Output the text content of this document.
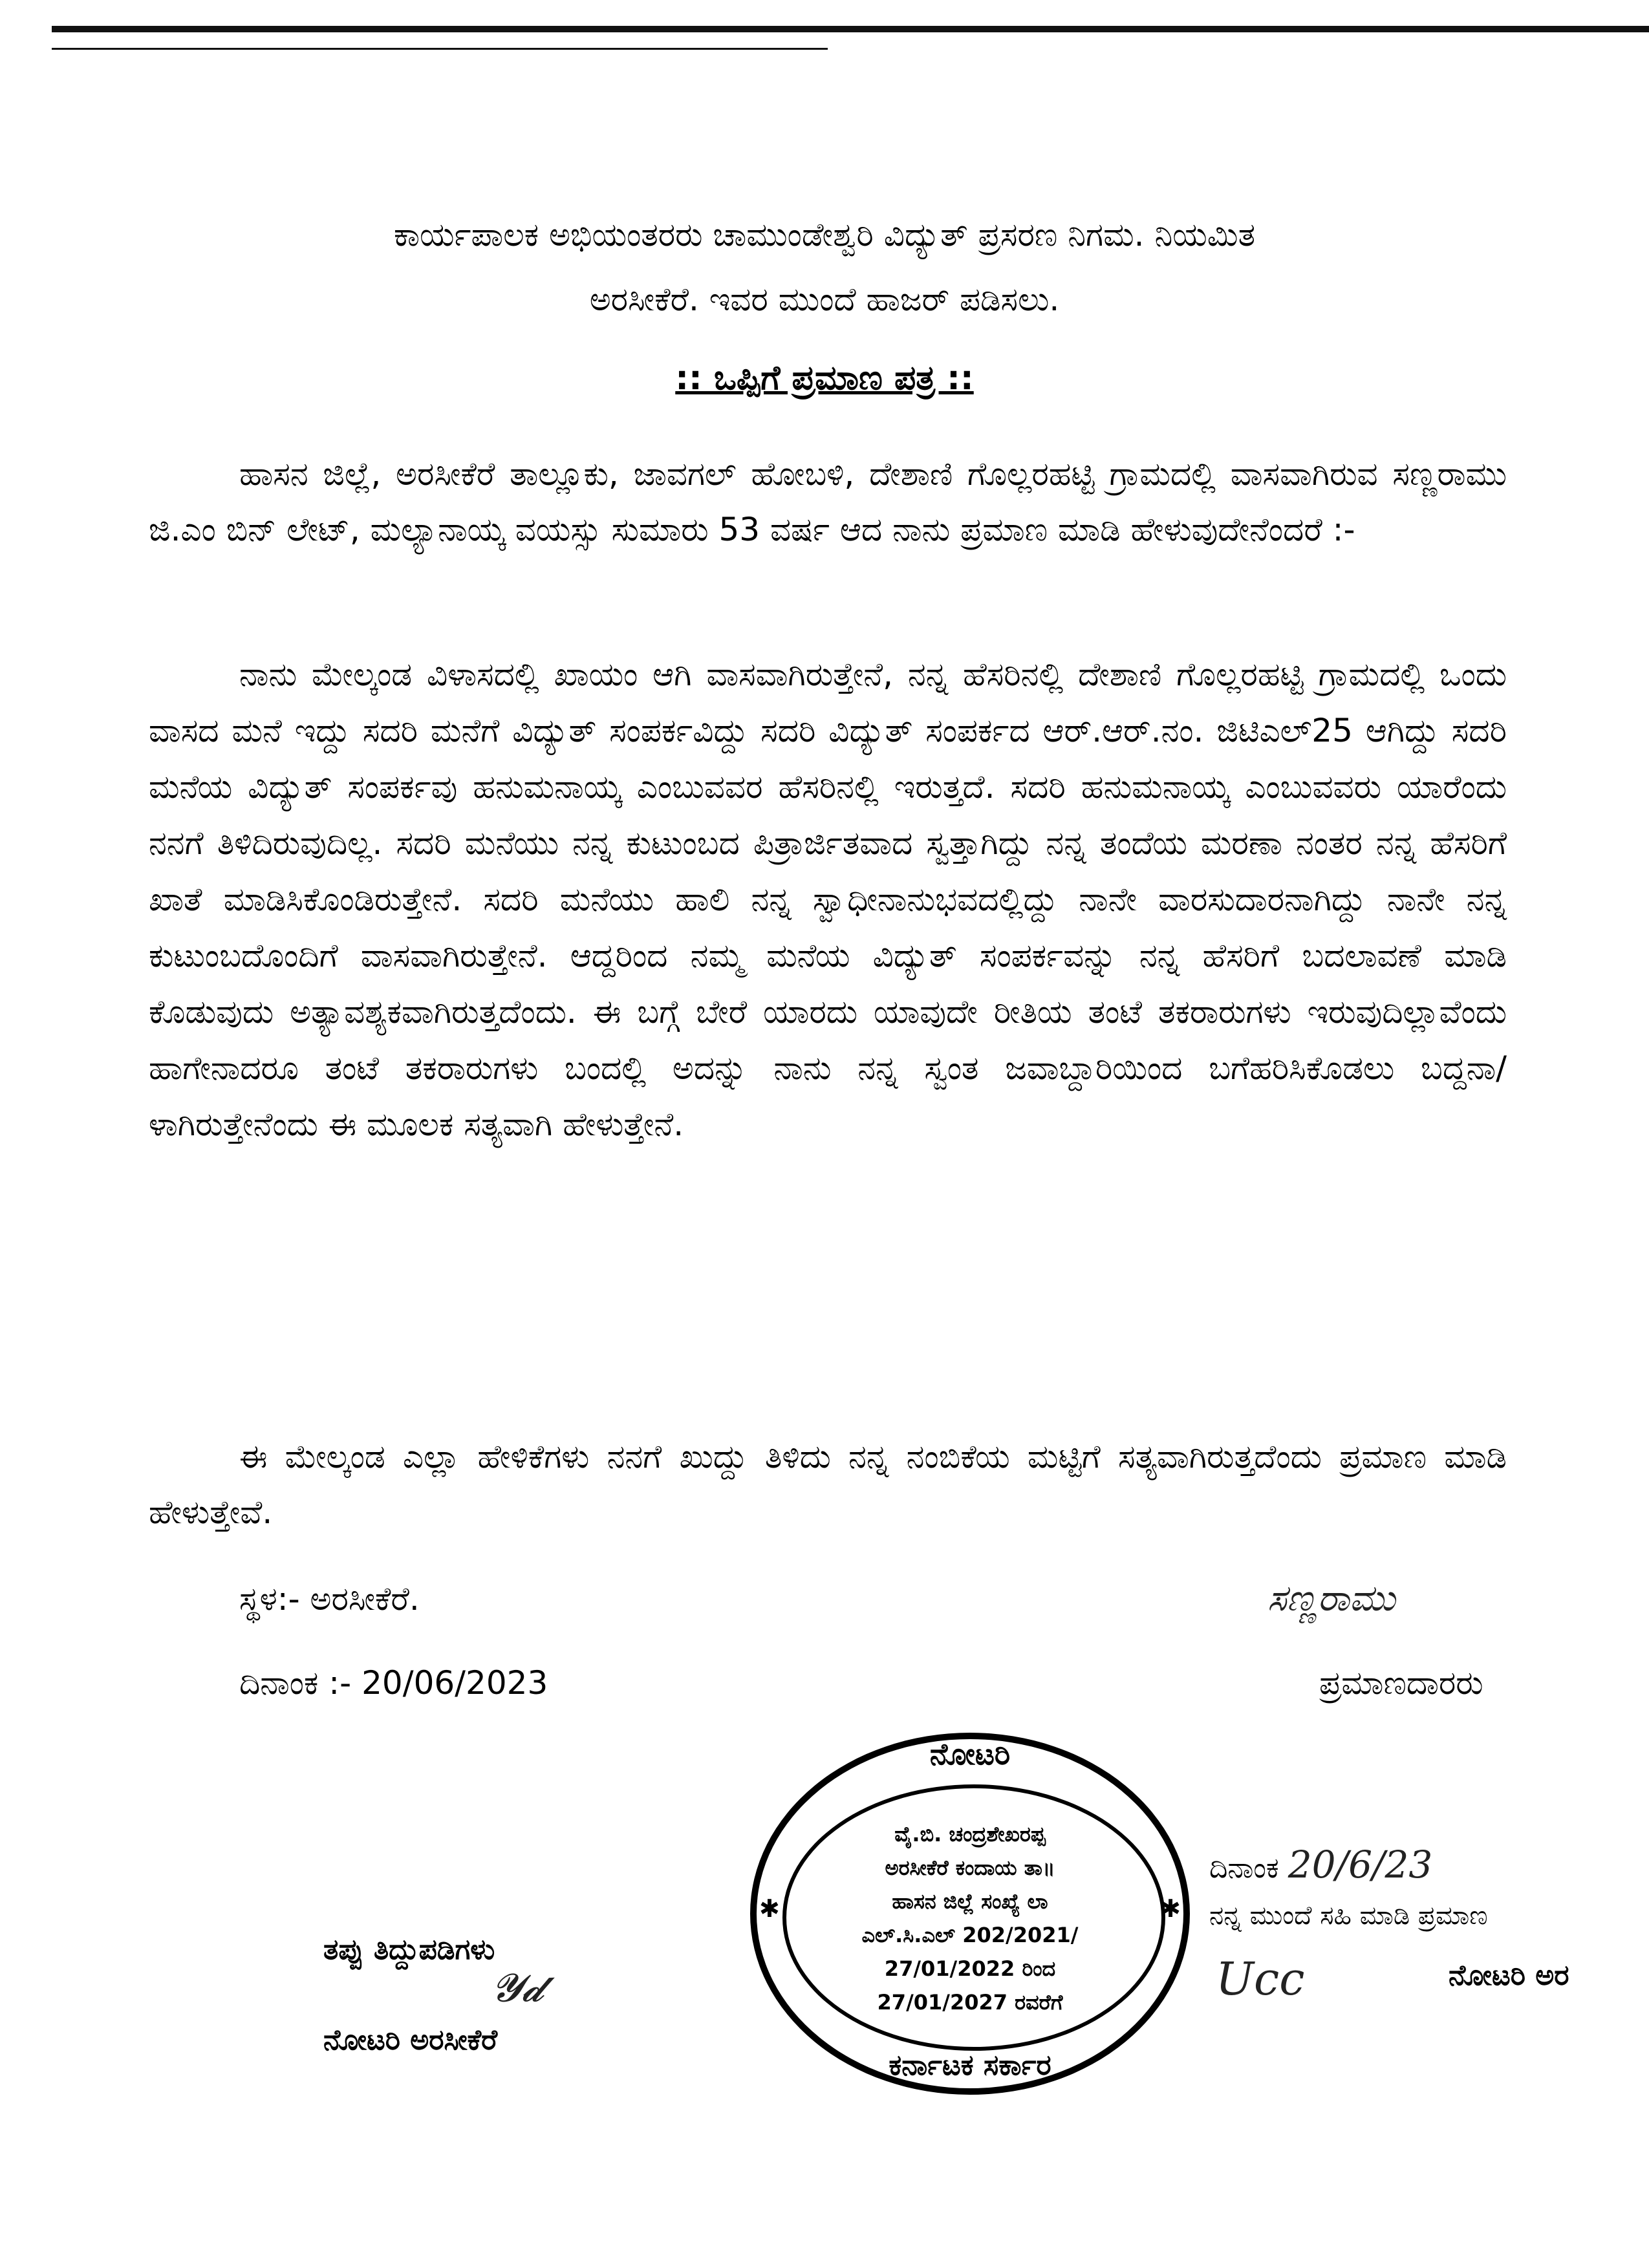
ಕಾರ್ಯಪಾಲಕ ಅಭಿಯಂತರರು ಚಾಮುಂಡೇಶ್ವರಿ ವಿದ್ಯುತ್ ಪ್ರಸರಣ ನಿಗಮ. ನಿಯಮಿತ
ಅರಸೀಕೆರೆ. ಇವರ ಮುಂದೆ ಹಾಜರ್ ಪಡಿಸಲು.
:: ಒಪ್ಪಿಗೆ ಪ್ರಮಾಣ ಪತ್ರ ::
ಹಾಸನ ಜಿಲ್ಲೆ, ಅರಸೀಕೆರೆ ತಾಲ್ಲೂಕು, ಜಾವಗಲ್ ಹೋಬಳಿ, ದೇಶಾಣಿ ಗೊಲ್ಲರಹಟ್ಟಿ ಗ್ರಾಮದಲ್ಲಿ ವಾಸವಾಗಿರುವ ಸಣ್ಣರಾಮು ಜಿ.ಎಂ ಬಿನ್ ಲೇಟ್, ಮಲ್ಯಾನಾಯ್ಕ ವಯಸ್ಸು ಸುಮಾರು 53 ವರ್ಷ ಆದ ನಾನು ಪ್ರಮಾಣ ಮಾಡಿ ಹೇಳುವುದೇನೆಂದರೆ :-
ನಾನು ಮೇಲ್ಕಂಡ ವಿಳಾಸದಲ್ಲಿ ಖಾಯಂ ಆಗಿ ವಾಸವಾಗಿರುತ್ತೇನೆ, ನನ್ನ ಹೆಸರಿನಲ್ಲಿ ದೇಶಾಣಿ ಗೊಲ್ಲರಹಟ್ಟಿ ಗ್ರಾಮದಲ್ಲಿ ಒಂದು ವಾಸದ ಮನೆ ಇದ್ದು ಸದರಿ ಮನೆಗೆ ವಿದ್ಯುತ್ ಸಂಪರ್ಕವಿದ್ದು ಸದರಿ ವಿದ್ಯುತ್ ಸಂಪರ್ಕದ ಆರ್.ಆರ್.ನಂ. ಜಿಟಿಎಲ್25 ಆಗಿದ್ದು ಸದರಿ ಮನೆಯ ವಿದ್ಯುತ್ ಸಂಪರ್ಕವು ಹನುಮನಾಯ್ಕ ಎಂಬುವವರ ಹೆಸರಿನಲ್ಲಿ ಇರುತ್ತದೆ. ಸದರಿ ಹನುಮನಾಯ್ಕ ಎಂಬುವವರು ಯಾರೆಂದು ನನಗೆ ತಿಳಿದಿರುವುದಿಲ್ಲ. ಸದರಿ ಮನೆಯು ನನ್ನ ಕುಟುಂಬದ ಪಿತ್ರಾರ್ಜಿತವಾದ ಸ್ವತ್ತಾಗಿದ್ದು ನನ್ನ ತಂದೆಯ ಮರಣಾ ನಂತರ ನನ್ನ ಹೆಸರಿಗೆ ಖಾತೆ ಮಾಡಿಸಿಕೊಂಡಿರುತ್ತೇನೆ. ಸದರಿ ಮನೆಯು ಹಾಲಿ ನನ್ನ ಸ್ವಾಧೀನಾನುಭವದಲ್ಲಿದ್ದು ನಾನೇ ವಾರಸುದಾರನಾಗಿದ್ದು ನಾನೇ ನನ್ನ ಕುಟುಂಬದೊಂದಿಗೆ ವಾಸವಾಗಿರುತ್ತೇನೆ. ಆದ್ದರಿಂದ ನಮ್ಮ ಮನೆಯ ವಿದ್ಯುತ್ ಸಂಪರ್ಕವನ್ನು ನನ್ನ ಹೆಸರಿಗೆ ಬದಲಾವಣೆ ಮಾಡಿ ಕೊಡುವುದು ಅತ್ಯಾವಶ್ಯಕವಾಗಿರುತ್ತದೆಂದು. ಈ ಬಗ್ಗೆ ಬೇರೆ ಯಾರದು ಯಾವುದೇ ರೀತಿಯ ತಂಟೆ ತಕರಾರುಗಳು ಇರುವುದಿಲ್ಲಾವೆಂದು ಹಾಗೇನಾದರೂ ತಂಟೆ ತಕರಾರುಗಳು ಬಂದಲ್ಲಿ ಅದನ್ನು ನಾನು ನನ್ನ ಸ್ವಂತ ಜವಾಬ್ದಾರಿಯಿಂದ ಬಗೆಹರಿಸಿಕೊಡಲು ಬದ್ದನಾ/ಳಾಗಿರುತ್ತೇನೆಂದು ಈ ಮೂಲಕ ಸತ್ಯವಾಗಿ ಹೇಳುತ್ತೇನೆ.
ಈ ಮೇಲ್ಕಂಡ ಎಲ್ಲಾ ಹೇಳಿಕೆಗಳು ನನಗೆ ಖುದ್ದು ತಿಳಿದು ನನ್ನ ನಂಬಿಕೆಯ ಮಟ್ಟಿಗೆ ಸತ್ಯವಾಗಿರುತ್ತದೆಂದು ಪ್ರಮಾಣ ಮಾಡಿ ಹೇಳುತ್ತೇವೆ.
ಸ್ಥಳ:- ಅರಸೀಕೆರೆ.
ದಿನಾಂಕ :- 20/06/2023
ಸಣ್ಣರಾಮು
ಪ್ರಮಾಣದಾರರು
ನೋಟರಿ
✱	✱
ವೈ.ಬಿ. ಚಂದ್ರಶೇಖರಪ್ಪ
ಅರಸೀಕೆರೆ ಕಂದಾಯ ತಾ॥
ಹಾಸನ ಜಿಲ್ಲೆ ಸಂಖ್ಯೆ ಲಾ
ಎಲ್.ಸಿ.ಎಲ್ 202/2021/
27/01/2022 ರಿಂದ
27/01/2027 ರವರೆಗೆ
ಕರ್ನಾಟಕ ಸರ್ಕಾರ
ತಪ್ಪು ತಿದ್ದುಪಡಿಗಳು
𝓨𝓭
ನೋಟರಿ ಅರಸೀಕೆರೆ
ದಿನಾಂಕ 20/6/23
ನನ್ನ ಮುಂದೆ ಸಹಿ ಮಾಡಿ ಪ್ರಮಾಣ
Ucc	ನೋಟರಿ ಅರ
